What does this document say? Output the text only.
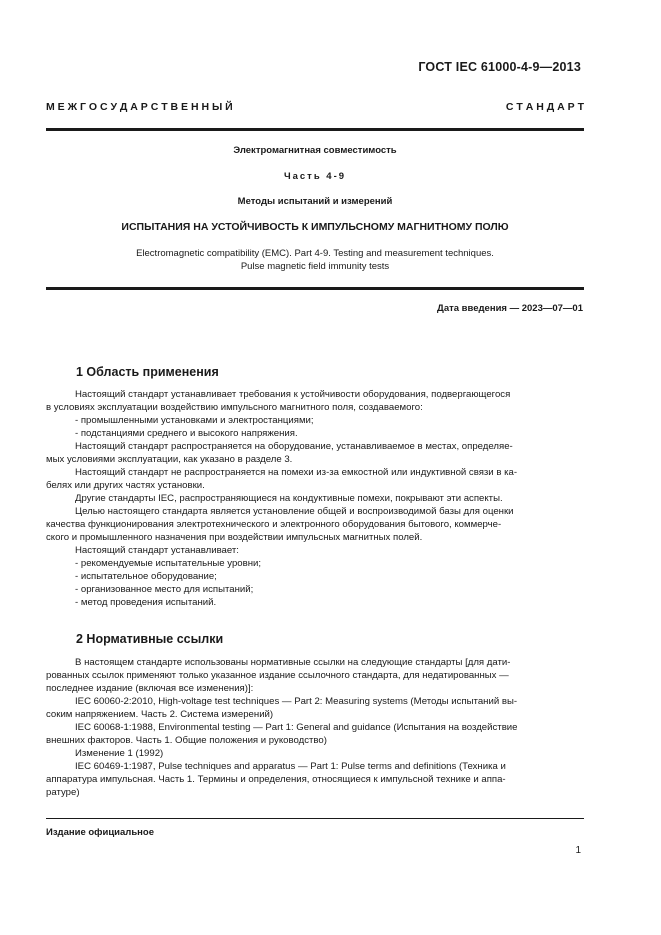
ГОСТ IEC 61000-4-9—2013
М Е Ж Г О С У Д А Р С Т В Е Н Н Ы Й	С Т А Н Д А Р Т
Электромагнитная совместимость
Часть 4-9
Методы испытаний и измерений
ИСПЫТАНИЯ НА УСТОЙЧИВОСТЬ К ИМПУЛЬСНОМУ МАГНИТНОМУ ПОЛЮ
Electromagnetic compatibility (EMC). Part 4-9. Testing and measurement techniques.
Pulse magnetic field immunity tests
Дата введения — 2023—07—01
1 Область применения
Настоящий стандарт устанавливает требования к устойчивости оборудования, подвергающегося
в условиях эксплуатации воздействию импульсного магнитного поля, создаваемого:
- промышленными установками и электростанциями;
- подстанциями среднего и высокого напряжения.
Настоящий стандарт распространяется на оборудование, устанавливаемое в местах, определяе-
мых условиями эксплуатации, как указано в разделе 3.
Настоящий стандарт не распространяется на помехи из-за емкостной или индуктивной связи в ка-
белях или других частях установки.
Другие стандарты IEC, распространяющиеся на кондуктивные помехи, покрывают эти аспекты.
Целью настоящего стандарта является установление общей и воспроизводимой базы для оценки
качества функционирования электротехнического и электронного оборудования бытового, коммерче-
ского и промышленного назначения при воздействии импульсных магнитных полей.
Настоящий стандарт устанавливает:
- рекомендуемые испытательные уровни;
- испытательное оборудование;
- организованное место для испытаний;
- метод проведения испытаний.
2 Нормативные ссылки
В настоящем стандарте использованы нормативные ссылки на следующие стандарты [для дати-
рованных ссылок применяют только указанное издание ссылочного стандарта, для недатированных —
последнее издание (включая все изменения)]:
IEC 60060-2:2010, High-voltage test techniques — Part 2: Measuring systems (Методы испытаний вы-
соким напряжением. Часть 2. Система измерений)
IEC 60068-1:1988, Environmental testing — Part 1: General and guidance (Испытания на воздействие
внешних факторов. Часть 1. Общие положения и руководство)
Изменение 1 (1992)
IEC 60469-1:1987, Pulse techniques and apparatus — Part 1: Pulse terms and definitions (Техника и
аппаратура импульсная. Часть 1. Термины и определения, относящиеся к импульсной технике и аппа-
ратуре)
Издание официальное
1
